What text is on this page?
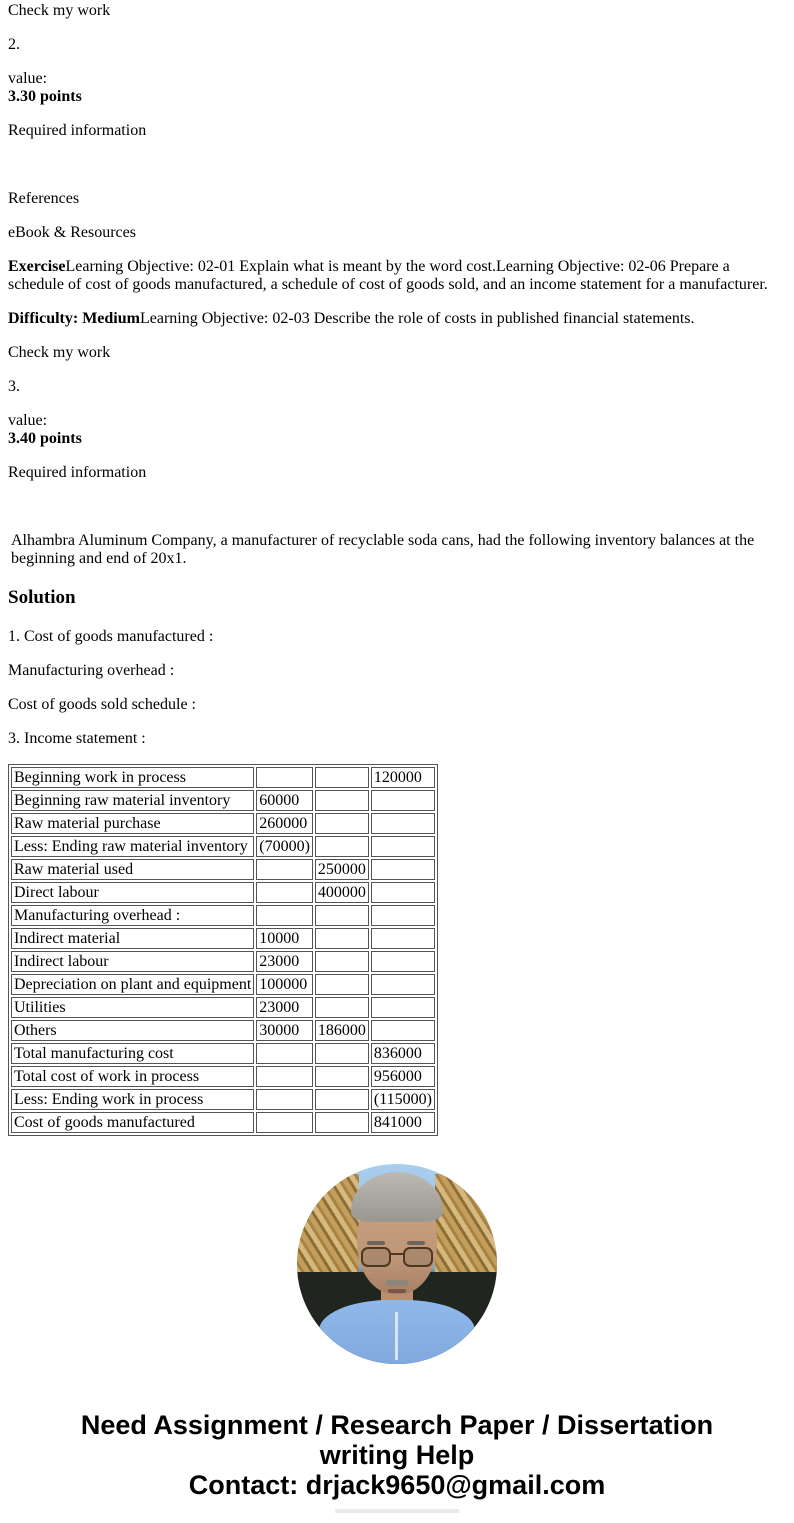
Check my work

2.

value:
3.30 points

Required information

References

eBook & Resources

ExerciseLearning Objective: 02-01 Explain what is meant by the word cost.Learning Objective: 02-06 Prepare a schedule of cost of goods manufactured, a schedule of cost of goods sold, and an income statement for a manufacturer.

Difficulty: MediumLearning Objective: 02-03 Describe the role of costs in published financial statements.

Check my work

3.

value:
3.40 points

Required information

Alhambra Aluminum Company, a manufacturer of recyclable soda cans, had the following inventory balances at the beginning and end of 20x1.

Solution

1. Cost of goods manufactured :

Manufacturing overhead :

Cost of goods sold schedule :

3. Income statement :

Beginning work in process			120000
Beginning raw material inventory	60000		
Raw material purchase	260000		
Less: Ending raw material inventory	(70000)		
Raw material used		250000	
Direct labour		400000	
Manufacturing overhead :			
Indirect material	10000		
Indirect labour	23000		
Depreciation on plant and equipment	100000		
Utilities	23000		
Others	30000	186000	
Total manufacturing cost			836000
Total cost of work in process			956000
Less: Ending work in process			(115000)
Cost of goods manufactured			841000
Need Assignment / Research Paper / Dissertation
writing Help
Contact: drjack9650@gmail.com
